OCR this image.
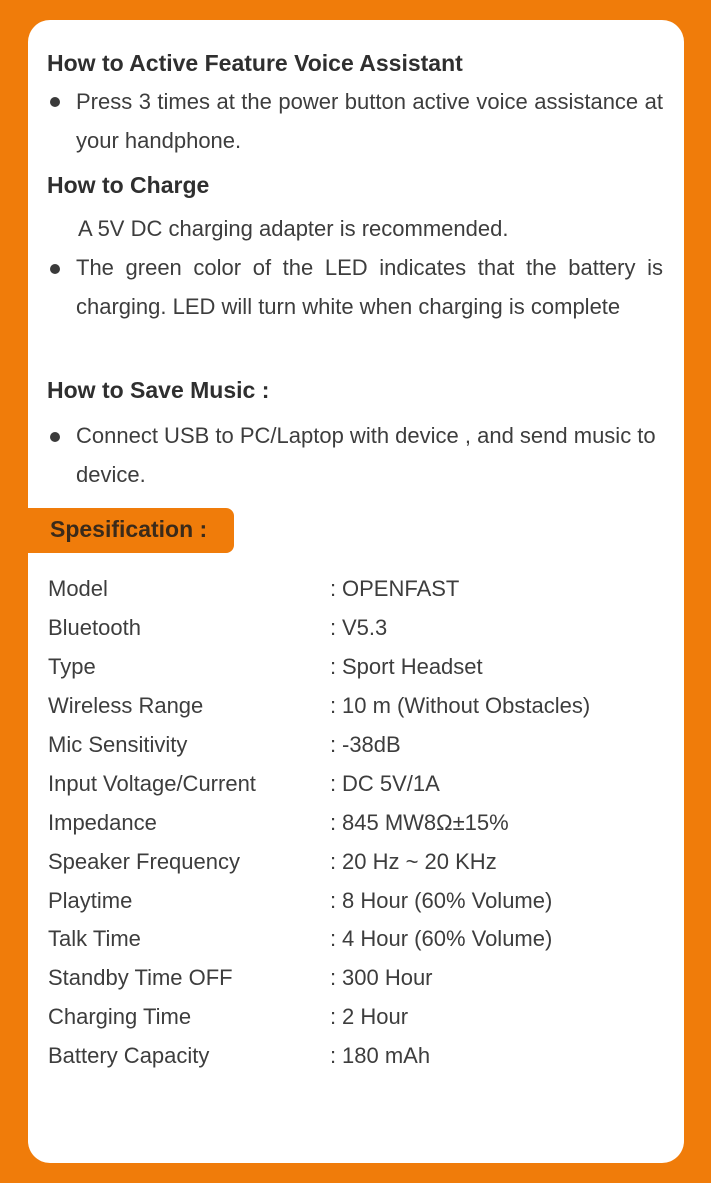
How to Active Feature Voice Assistant
Press 3 times at the power button active voice assistance at your handphone.
How to Charge
A 5V DC charging adapter is recommended.
The green color of the LED indicates that the battery is charging. LED will turn white when charging is complete
How to Save Music :
Connect USB to PC/Laptop with device , and send music to device.
Spesification :
Model	: OPENFAST
Bluetooth	: V5.3
Type	: Sport Headset
Wireless Range	: 10 m (Without Obstacles)
Mic Sensitivity	: -38dB
Input Voltage/Current	: DC 5V/1A
Impedance	: 845 MW8Ω±15%
Speaker Frequency	: 20 Hz ~ 20 KHz
Playtime	: 8 Hour (60% Volume)
Talk Time	: 4 Hour (60% Volume)
Standby Time OFF	: 300 Hour
Charging Time	: 2 Hour
Battery Capacity	: 180 mAh
